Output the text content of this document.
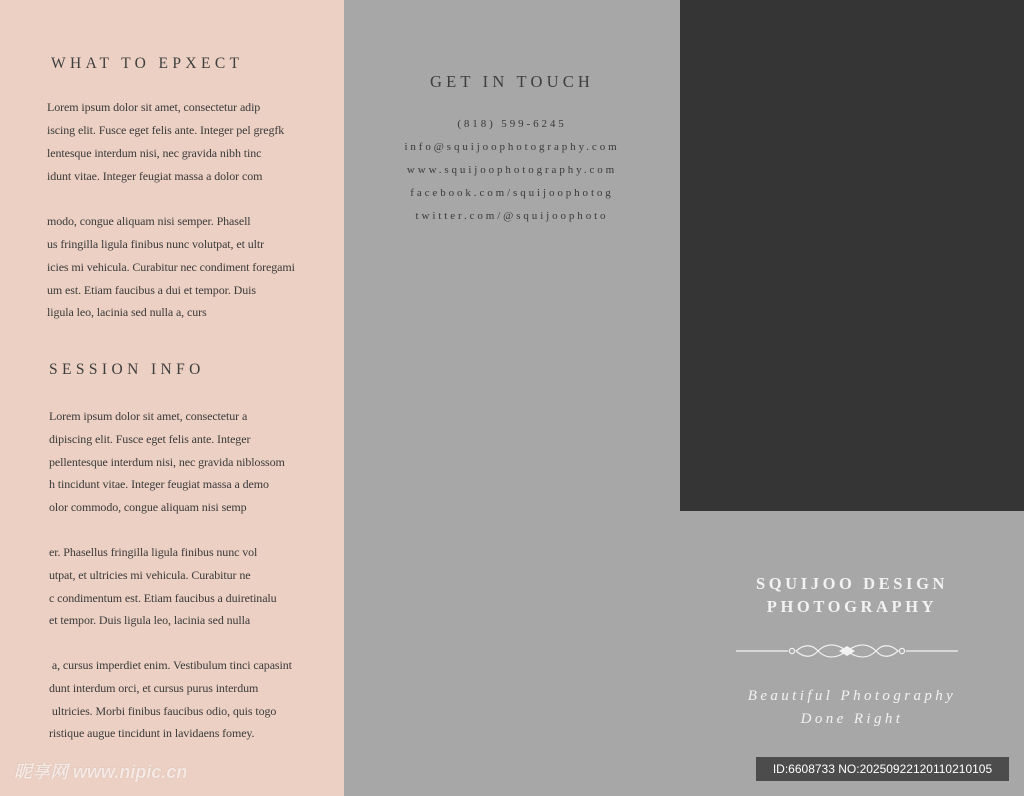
WHAT TO EPXECT

Lorem ipsum dolor sit amet, consectetur adip

iscing elit. Fusce eget felis ante. Integer pel gregfk

lentesque interdum nisi, nec gravida nibh tinc

idunt vitae. Integer feugiat massa a dolor com

modo, congue aliquam nisi semper. Phasell

us fringilla ligula finibus nunc volutpat, et ultr

icies mi vehicula. Curabitur nec condiment foregami

um est. Etiam faucibus a dui et tempor. Duis

ligula leo, lacinia sed nulla a, curs

SESSION INFO

Lorem ipsum dolor sit amet, consectetur a

dipiscing elit. Fusce eget felis ante. Integer

pellentesque interdum nisi, nec gravida niblossom

h tincidunt vitae. Integer feugiat massa a demo

olor commodo, congue aliquam nisi semp

er. Phasellus fringilla ligula finibus nunc vol

utpat, et ultricies mi vehicula. Curabitur ne

c condimentum est. Etiam faucibus a duiretinalu

et tempor. Duis ligula leo, lacinia sed nulla

a, cursus imperdiet enim. Vestibulum tinci capasint

dunt interdum orci, et cursus purus interdum

ultricies. Morbi finibus faucibus odio, quis togo

ristique augue tincidunt in lavidaens fomey.

GET IN TOUCH

(818) 599-6245

info@squijoophotography.com

www.squijoophotography.com

facebook.com/squijoophotog

twitter.com/@squijoophoto

SQUIJOO DESIGN
PHOTOGRAPHY

Beautiful Photography

Done Right

昵享网 www.nipic.cn	ID:6608733 NO:20250922120110210105
